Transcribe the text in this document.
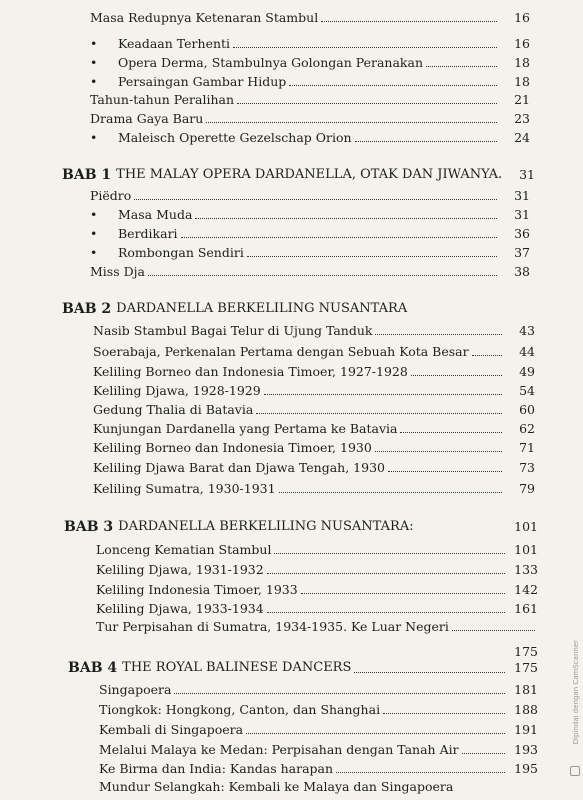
Masa Redupnya Ketenaran Stambul	16
•	Keadaan Terhenti	16
•	Opera Derma, Stambulnya Golongan Peranakan	18
•	Persaingan Gambar Hidup	18
Tahun-tahun Peralihan	21
Drama Gaya Baru	23
•	Maleisch Operette Gezelschap Orion	24
BAB 1 THE MALAY OPERA DARDANELLA, OTAK DAN JIWANYA.	31
Piëdro	31
•	Masa Muda	31
•	Berdikari	36
•	Rombongan Sendiri	37
Miss Dja	38
BAB 2 DARDANELLA BERKELILING NUSANTARA
Nasib Stambul Bagai Telur di Ujung Tanduk	43
Soerabaja, Perkenalan Pertama dengan Sebuah Kota Besar	44
Keliling Borneo dan Indonesia Timoer, 1927-1928	49
Keliling Djawa, 1928-1929	54
Gedung Thalia di Batavia	60
Kunjungan Dardanella yang Pertama ke Batavia	62
Keliling Borneo dan Indonesia Timoer, 1930	71
Keliling Djawa Barat dan Djawa Tengah, 1930	73
Keliling Sumatra, 1930-1931	79
BAB 3 DARDANELLA BERKELILING NUSANTARA:	101
Lonceng Kematian Stambul	101
Keliling Djawa, 1931-1932	133
Keliling Indonesia Timoer, 1933	142
Keliling Djawa, 1933-1934	161
Tur Perpisahan di Sumatra, 1934-1935. Ke Luar Negeri
175
BAB 4 THE ROYAL BALINESE DANCERS	175
Singapoera	181
Tiongkok: Hongkong, Canton, dan Shanghai	188
Kembali di Singapoera	191
Melalui Malaya ke Medan: Perpisahan dengan Tanah Air	193
Ke Birma dan India: Kandas harapan	195
Mundur Selangkah: Kembali ke Malaya dan Singapoera
Dipindai dengan CamScanner
